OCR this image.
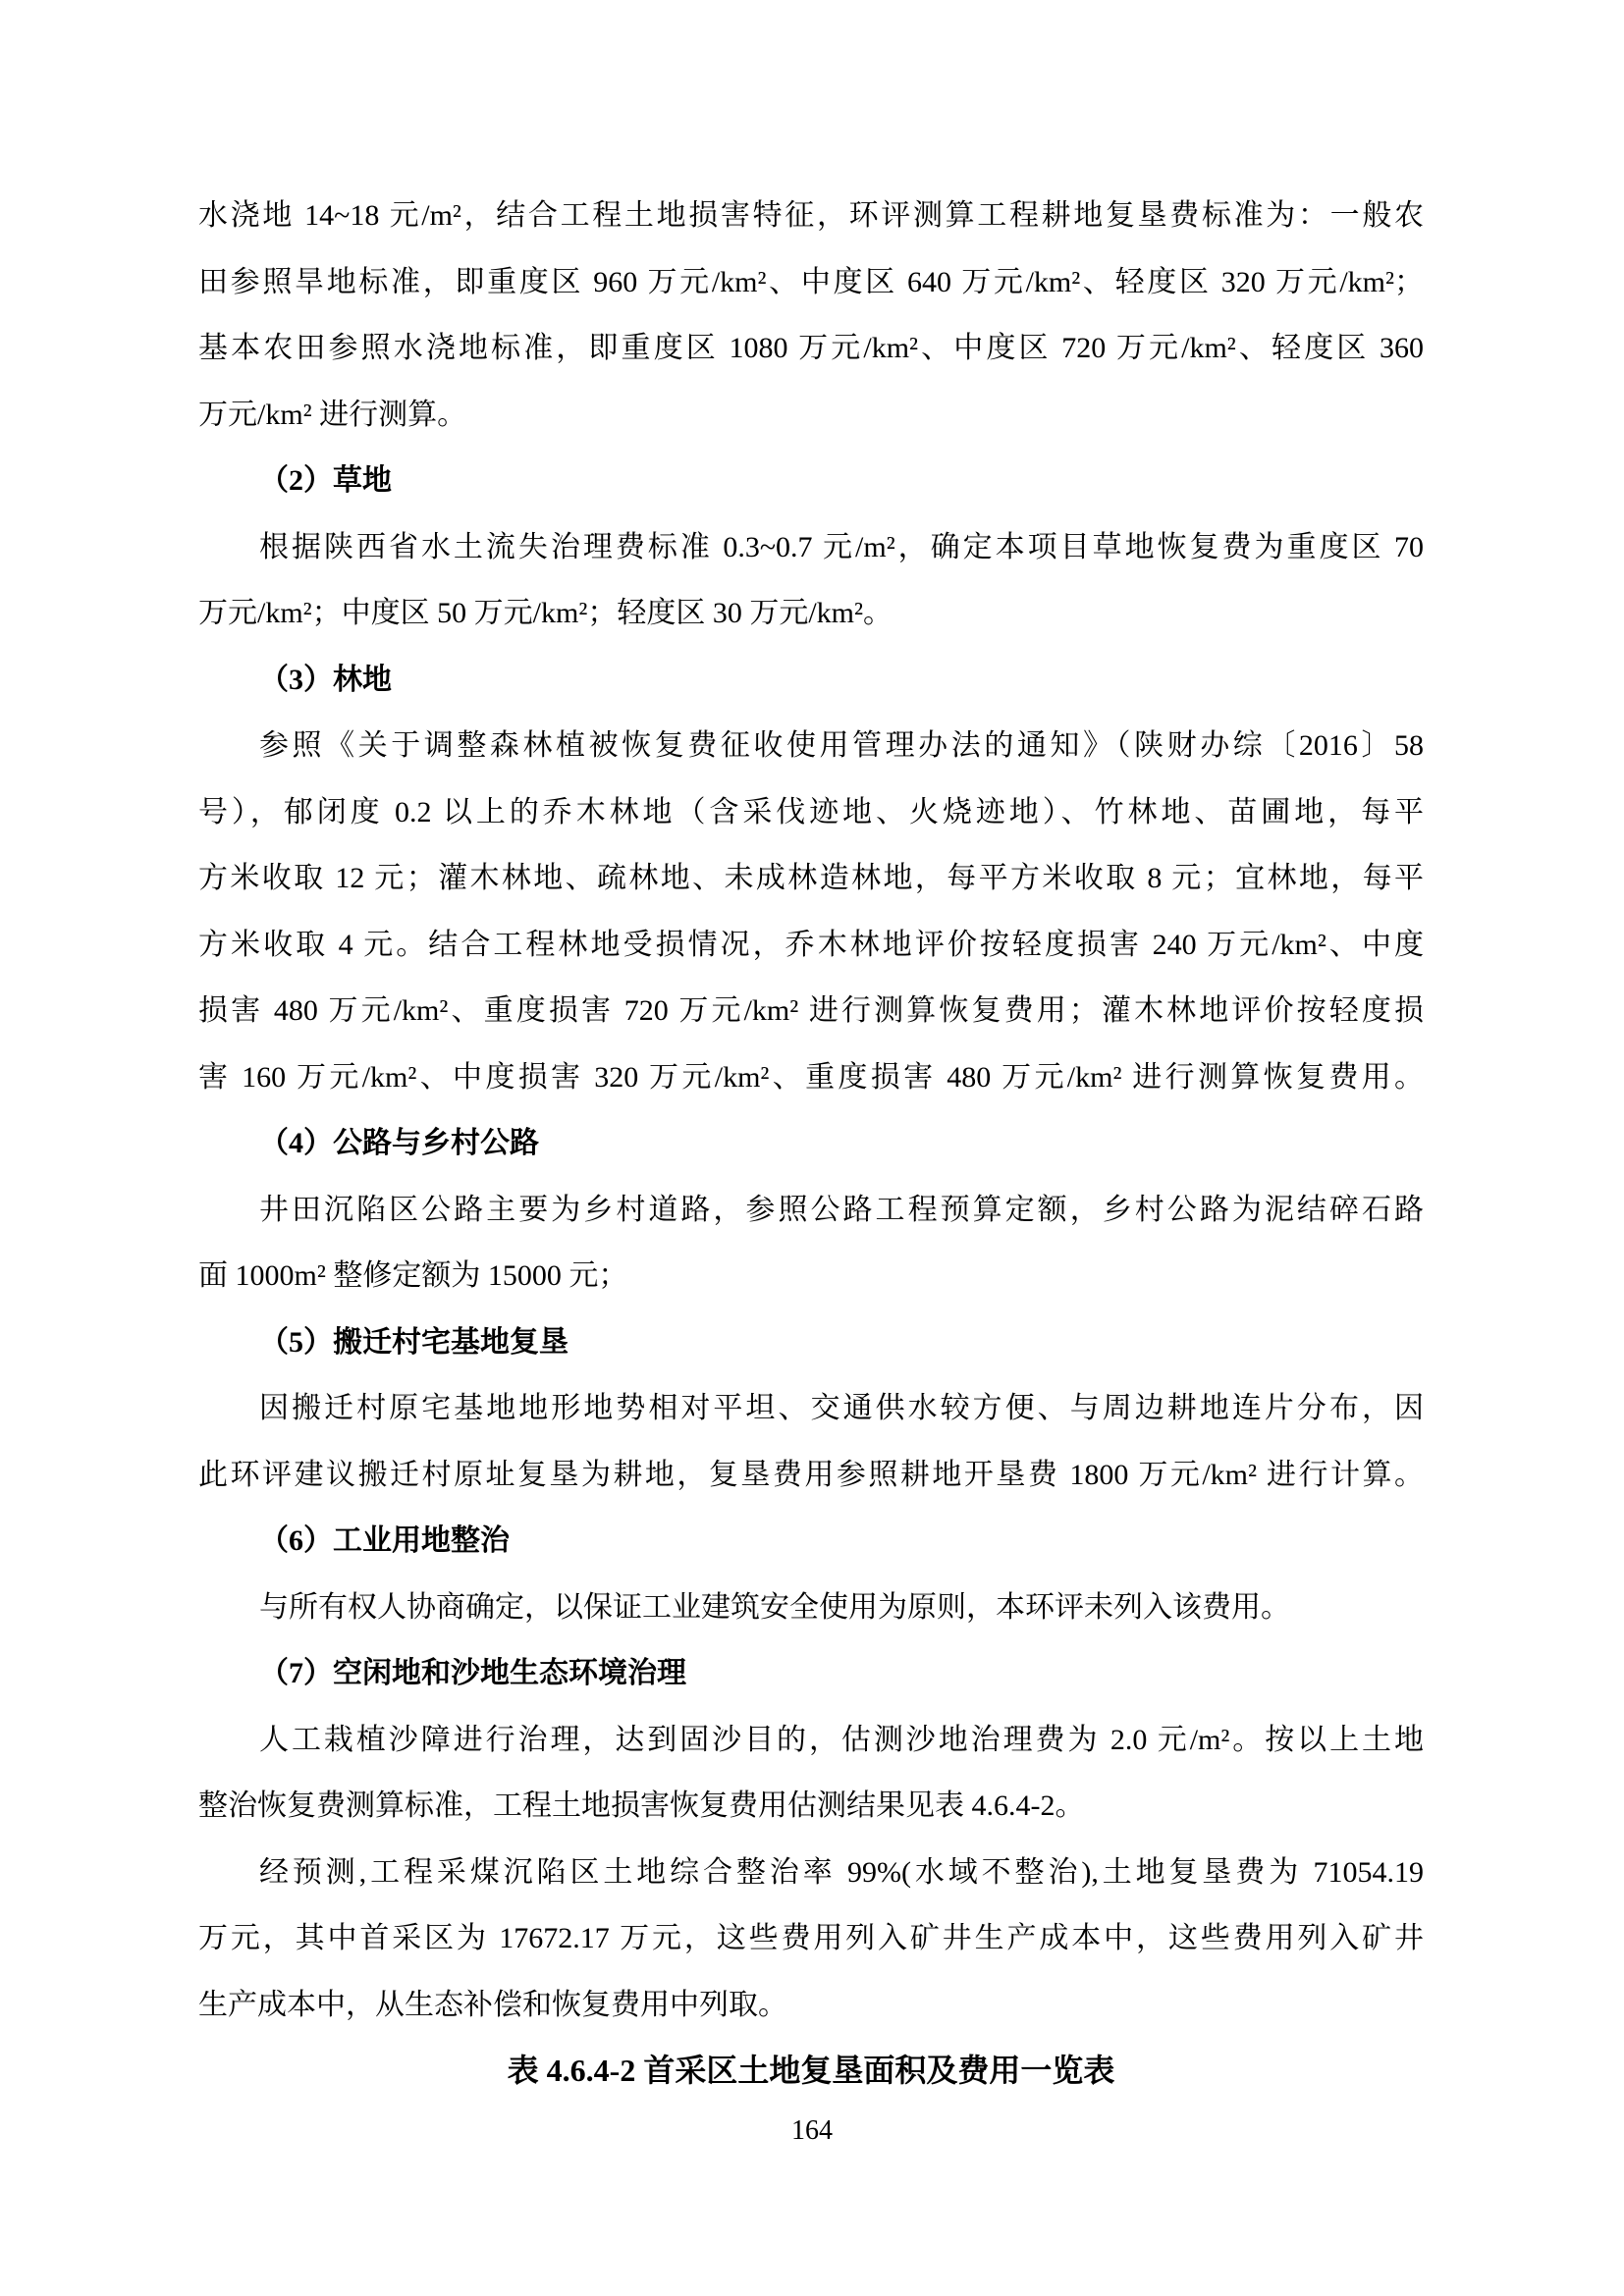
水浇地 14~18 元/m²，结合工程土地损害特征，环评测算工程耕地复垦费标准为：一般农
田参照旱地标准，即重度区 960 万元/km²、中度区 640 万元/km²、轻度区 320 万元/km²；
基本农田参照水浇地标准，即重度区 1080 万元/km²、中度区 720 万元/km²、轻度区 360
万元/km² 进行测算。
（2）草地
根据陕西省水土流失治理费标准 0.3~0.7 元/m²，确定本项目草地恢复费为重度区 70
万元/km²；中度区 50 万元/km²；轻度区 30 万元/km²。
（3）林地
参照《关于调整森林植被恢复费征收使用管理办法的通知》（陕财办综〔2016〕58
号），郁闭度 0.2 以上的乔木林地（含采伐迹地、火烧迹地）、竹林地、苗圃地，每平
方米收取 12 元；灌木林地、疏林地、未成林造林地，每平方米收取 8 元；宜林地，每平
方米收取 4 元。结合工程林地受损情况，乔木林地评价按轻度损害 240 万元/km²、中度
损害 480 万元/km²、重度损害 720 万元/km² 进行测算恢复费用；灌木林地评价按轻度损
害 160 万元/km²、中度损害 320 万元/km²、重度损害 480 万元/km² 进行测算恢复费用。
（4）公路与乡村公路
井田沉陷区公路主要为乡村道路，参照公路工程预算定额，乡村公路为泥结碎石路
面 1000m² 整修定额为 15000 元；
（5）搬迁村宅基地复垦
因搬迁村原宅基地地形地势相对平坦、交通供水较方便、与周边耕地连片分布，因
此环评建议搬迁村原址复垦为耕地，复垦费用参照耕地开垦费 1800 万元/km² 进行计算。
（6）工业用地整治
与所有权人协商确定，以保证工业建筑安全使用为原则，本环评未列入该费用。
（7）空闲地和沙地生态环境治理
人工栽植沙障进行治理，达到固沙目的，估测沙地治理费为 2.0 元/m²。按以上土地
整治恢复费测算标准，工程土地损害恢复费用估测结果见表 4.6.4-2。
经预测,工程采煤沉陷区土地综合整治率 99%(水域不整治),土地复垦费为 71054.19
万元，其中首采区为 17672.17 万元，这些费用列入矿井生产成本中，这些费用列入矿井
生产成本中，从生态补偿和恢复费用中列取。
表 4.6.4-2 首采区土地复垦面积及费用一览表
164
